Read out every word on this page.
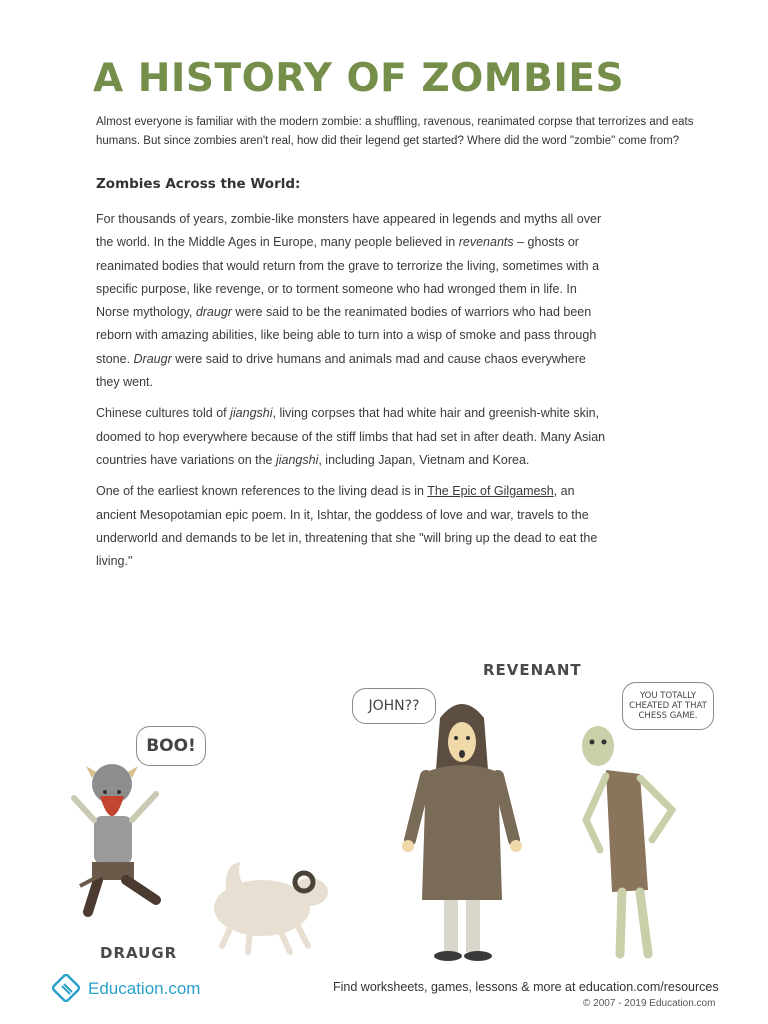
A HISTORY OF ZOMBIES

Almost everyone is familiar with the modern zombie: a shuffling, ravenous, reanimated corpse that terrorizes and eats humans. But since zombies aren't real, how did their legend get started? Where did the word "zombie" come from?

Zombies Across the World:

For thousands of years, zombie-like monsters have appeared in legends and myths all over the world. In the Middle Ages in Europe, many people believed in revenants – ghosts or reanimated bodies that would return from the grave to terrorize the living, sometimes with a specific purpose, like revenge, or to torment someone who had wronged them in life. In Norse mythology, draugr were said to be the reanimated bodies of warriors who had been reborn with amazing abilities, like being able to turn into a wisp of smoke and pass through stone. Draugr were said to drive humans and animals mad and cause chaos everywhere they went.

Chinese cultures told of jiangshi, living corpses that had white hair and greenish-white skin, doomed to hop everywhere because of the stiff limbs that had set in after death. Many Asian countries have variations on the jiangshi, including Japan, Vietnam and Korea.

One of the earliest known references to the living dead is in The Epic of Gilgamesh, an ancient Mesopotamian epic poem. In it, Ishtar, the goddess of love and war, travels to the underworld and demands to be let in, threatening that she "will bring up the dead to eat the living."

REVENANT
DRAUGR
BOO!
JOHN??
YOU TOTALLY CHEATED AT THAT CHESS GAME.
Education.com	Find worksheets, games, lessons & more at education.com/resources
© 2007 - 2019 Education.com
